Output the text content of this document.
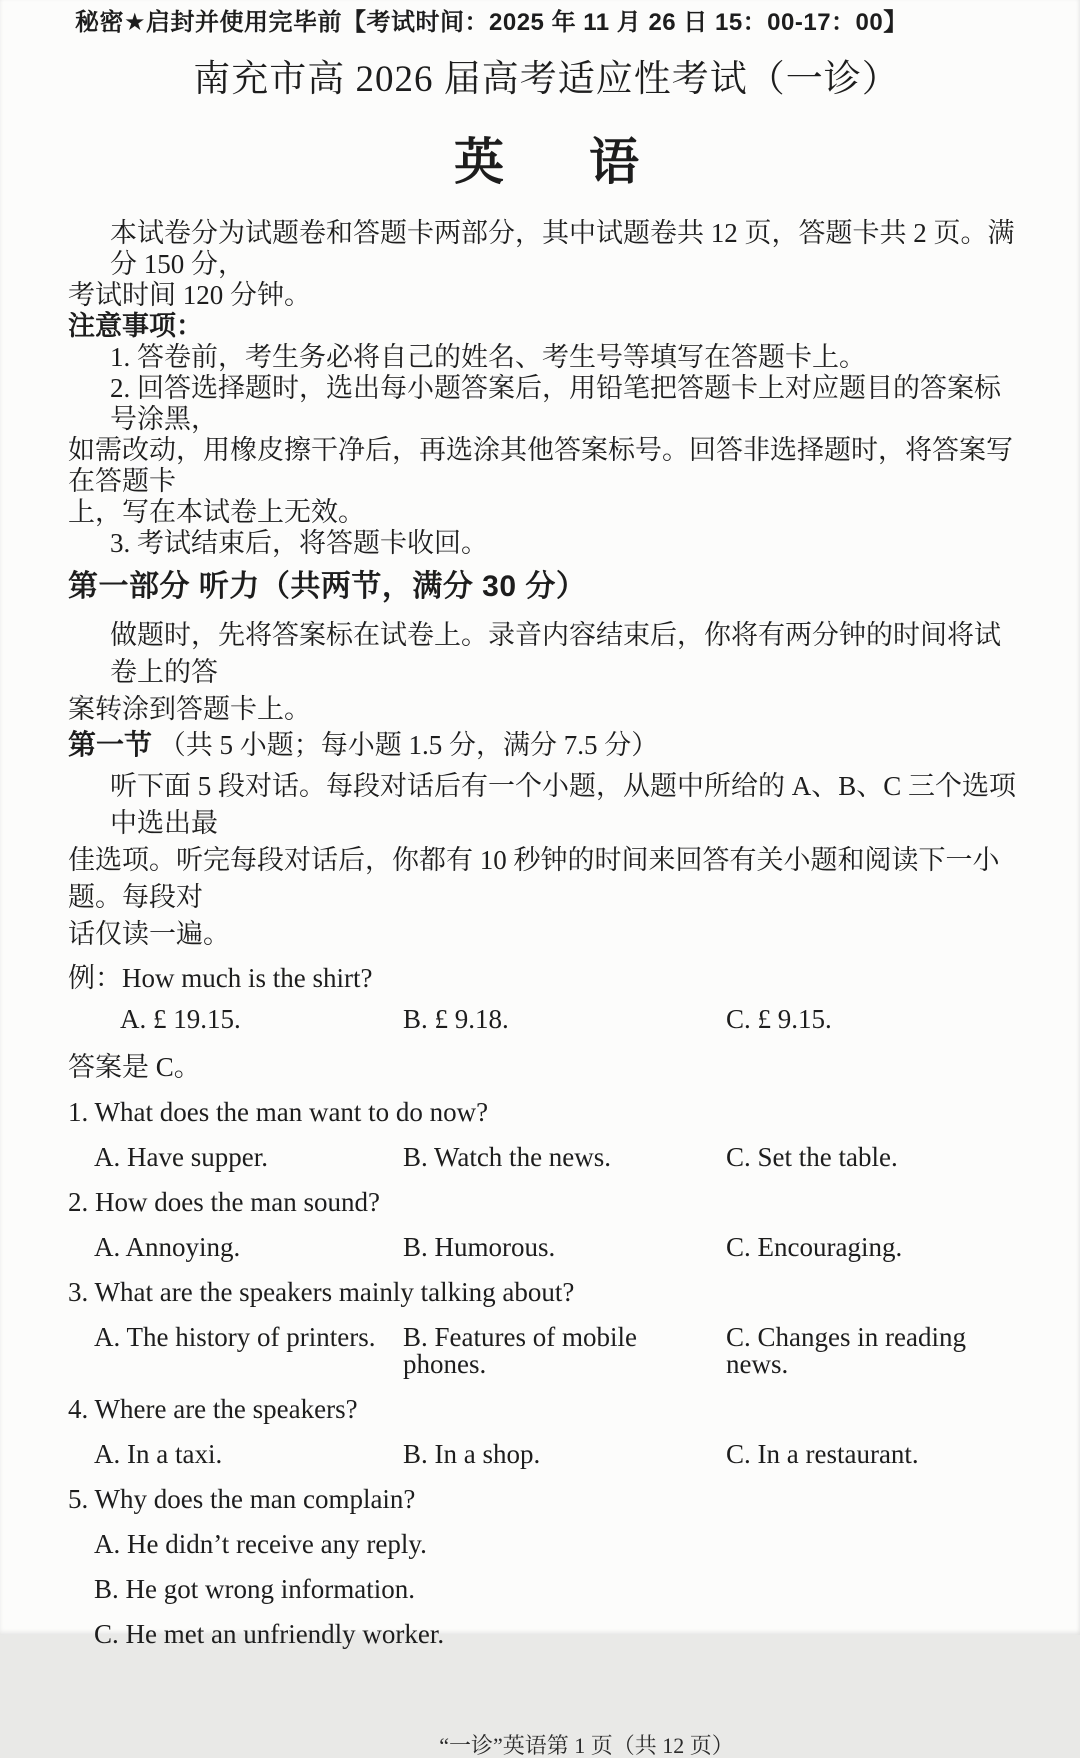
秘密★启封并使用完毕前【考试时间：2025 年 11 月 26 日 15：00-17：00】
南充市高 2026 届高考适应性考试（一诊）
英语
本试卷分为试题卷和答题卡两部分，其中试题卷共 12 页，答题卡共 2 页。满分 150 分，
考试时间 120 分钟。
注意事项：
1. 答卷前，考生务必将自己的姓名、考生号等填写在答题卡上。
2. 回答选择题时，选出每小题答案后，用铅笔把答题卡上对应题目的答案标号涂黑，
如需改动，用橡皮擦干净后，再选涂其他答案标号。回答非选择题时，将答案写在答题卡
上，写在本试卷上无效。
3. 考试结束后，将答题卡收回。
第一部分 听力（共两节，满分 30 分）
做题时，先将答案标在试卷上。录音内容结束后，你将有两分钟的时间将试卷上的答
案转涂到答题卡上。
第一节 （共 5 小题；每小题 1.5 分，满分 7.5 分）
听下面 5 段对话。每段对话后有一个小题，从题中所给的 A、B、C 三个选项中选出最
佳选项。听完每段对话后，你都有 10 秒钟的时间来回答有关小题和阅读下一小题。每段对
话仅读一遍。
例：How much is the shirt?
A. £ 19.15.	B. £ 9.18.	C. £ 9.15.
答案是 C。
1. What does the man want to do now?
A. Have supper.	B. Watch the news.	C. Set the table.
2. How does the man sound?
A. Annoying.	B. Humorous.	C. Encouraging.
3. What are the speakers mainly talking about?
A. The history of printers.	B. Features of mobile phones.
C. Changes in reading news.
4. Where are the speakers?
A. In a taxi.	B. In a shop.	C. In a restaurant.
5. Why does the man complain?
A. He didn’t receive any reply.
B. He got wrong information.
C. He met an unfriendly worker.
“一诊”英语第 1 页（共 12 页）
